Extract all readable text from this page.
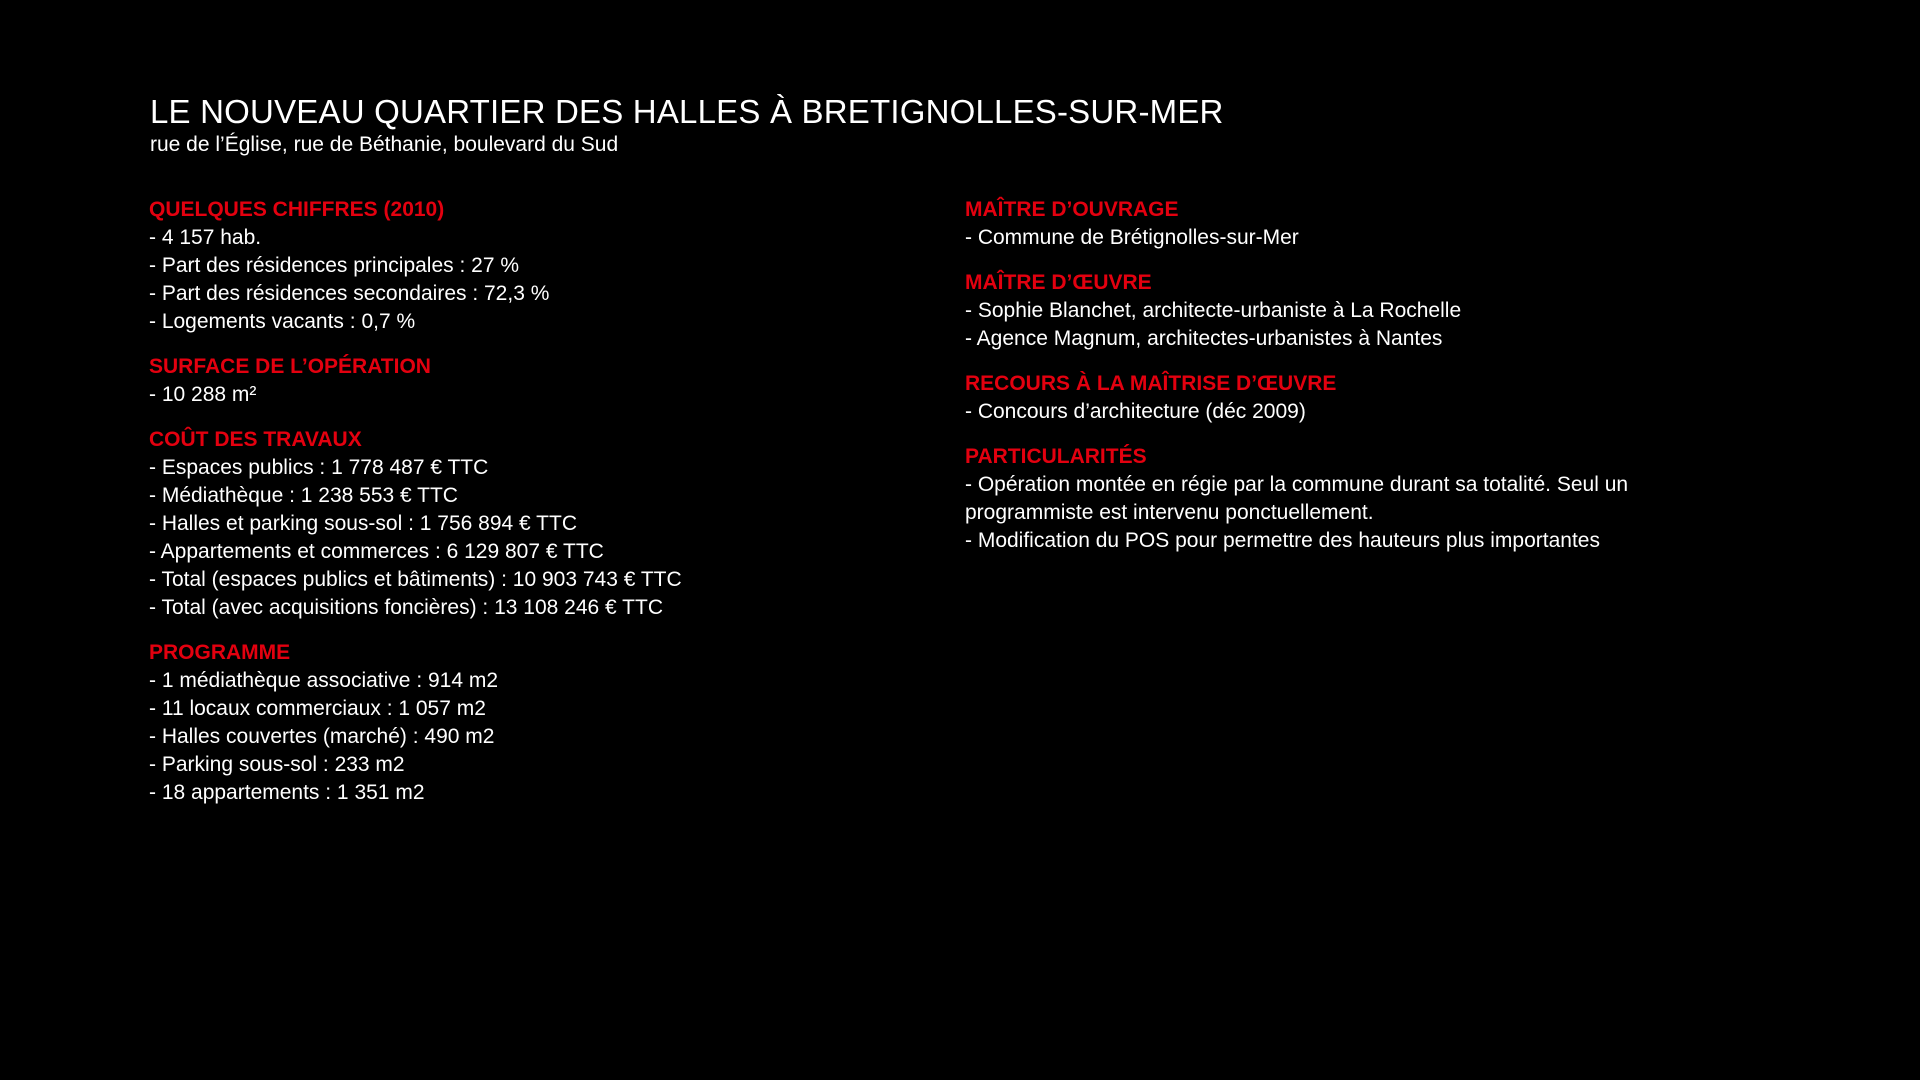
LE NOUVEAU QUARTIER DES HALLES À BRETIGNOLLES-SUR-MER

rue de l’Église, rue de Béthanie, boulevard du Sud

QUELQUES CHIFFRES (2010)
- 4 157 hab.
- Part des résidences principales : 27 %
- Part des résidences secondaires : 72,3 %
- Logements vacants : 0,7 %
SURFACE DE L’OPÉRATION
- 10 288 m²
COÛT DES TRAVAUX
- Espaces publics : 1 778 487 € TTC
- Médiathèque : 1 238 553 € TTC
- Halles et parking sous-sol : 1 756 894 € TTC
- Appartements et commerces : 6 129 807 € TTC
- Total (espaces publics et bâtiments) : 10 903 743 € TTC
- Total (avec acquisitions foncières) : 13 108 246 € TTC
PROGRAMME
- 1 médiathèque associative : 914 m2
- 11 locaux commerciaux : 1 057 m2
- Halles couvertes (marché) : 490 m2
- Parking sous-sol : 233 m2
- 18 appartements : 1 351 m2
MAÎTRE D’OUVRAGE
- Commune de Brétignolles-sur-Mer
MAÎTRE D’ŒUVRE
- Sophie Blanchet, architecte-urbaniste à La Rochelle
- Agence Magnum, architectes-urbanistes à Nantes
RECOURS À LA MAÎTRISE D’ŒUVRE
- Concours d’architecture (déc 2009)
PARTICULARITÉS
- Opération montée en régie par la commune durant sa totalité. Seul un programmiste est intervenu ponctuellement.
- Modification du POS pour permettre des hauteurs plus importantes
